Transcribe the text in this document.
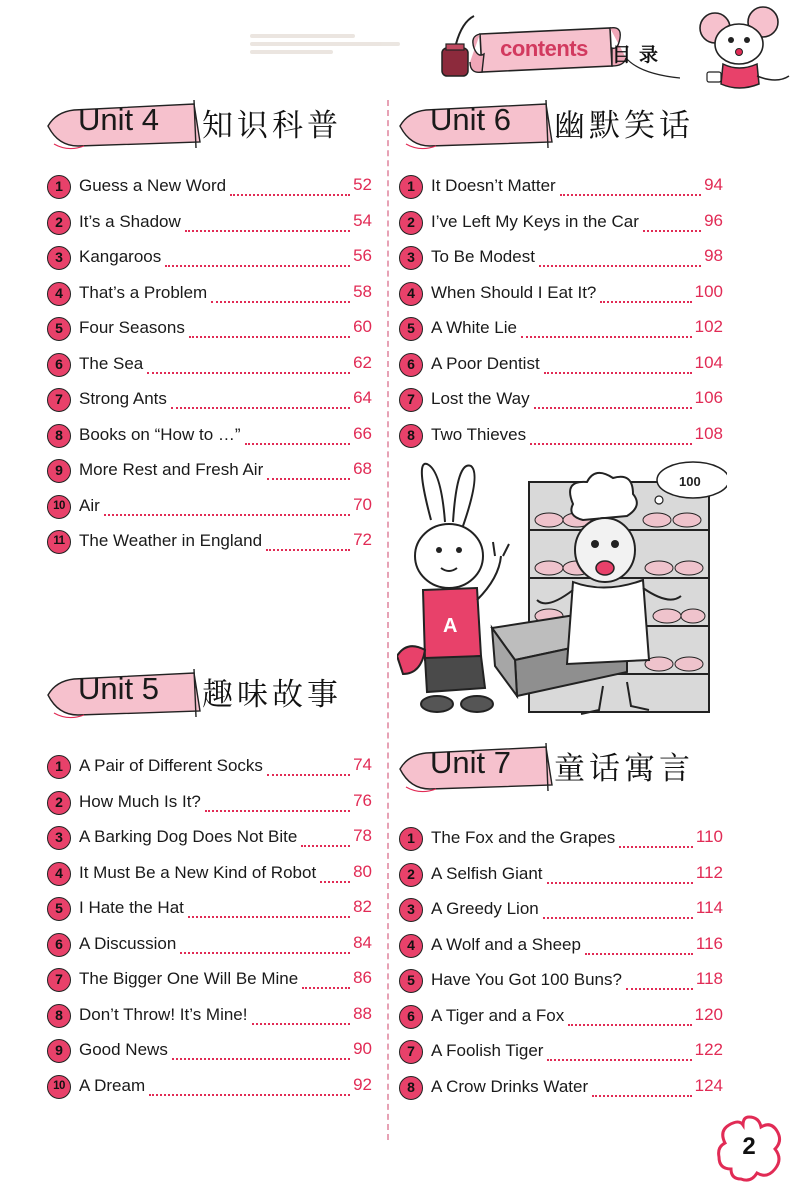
contents	目录
Unit 4 知识科普
1 Guess a New Word	52
2 It’s a Shadow	54
3 Kangaroos	56
4 That’s a Problem	58
5 Four Seasons	60
6 The Sea	62
7 Strong Ants	64
8 Books on “How to …”	66
9 More Rest and Fresh Air	68
10 Air	70
11 The Weather in England	72
Unit 5 趣味故事
1 A Pair of Different Socks	74
2 How Much Is It?	76
3 A Barking Dog Does Not Bite	78
4 It Must Be a New Kind of Robot 80
5 I Hate the Hat	82
6 A Discussion	84
7 The Bigger One Will Be Mine	86
8 Don’t Throw! It’s Mine!	88
9 Good News	90
10 A Dream	92
Unit 6 幽默笑话
1 It Doesn’t Matter	94
2 I’ve Left My Keys in the Car	96
3 To Be Modest	98
4 When Should I Eat It?	100
5 A White Lie	102
6 A Poor Dentist	104
7 Lost the Way	106
8 Two Thieves	108
100
A
Unit 7 童话寓言
1 The Fox and the Grapes	110
2 A Selfish Giant	112
3 A Greedy Lion	114
4 A Wolf and a Sheep	116
5 Have You Got 100 Buns?	118
6 A Tiger and a Fox	120
7 A Foolish Tiger	122
8 A Crow Drinks Water	124
2
